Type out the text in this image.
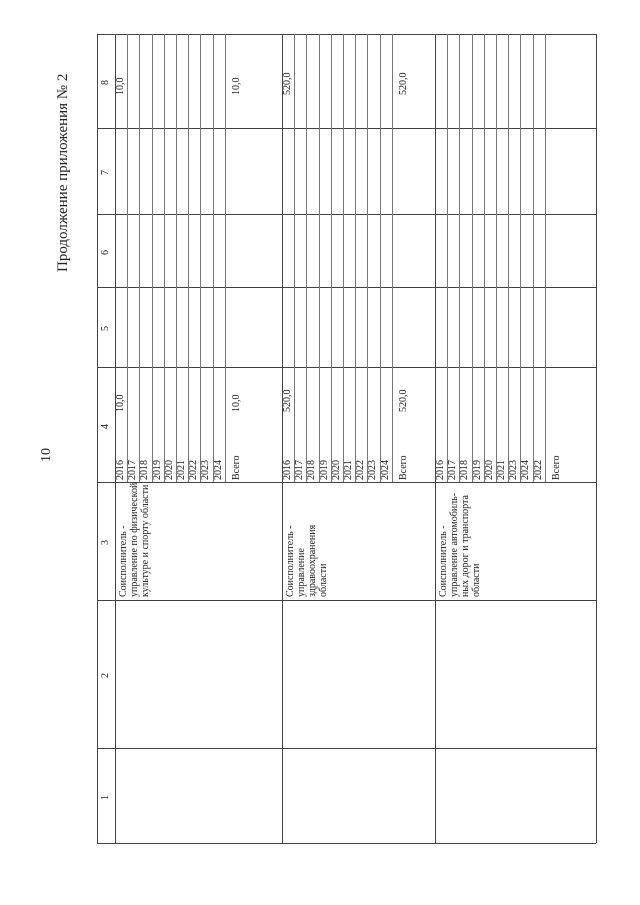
10
Продолжение приложения № 2
1
2
3
4
5
6
7
8
Соисполнитель - управление по физической культуре и спорту области
2016
10,0
10,0
2017 2018 2019 2020 2021 2022 2023 2024 Всего
10,0
10,0
Соисполнитель - управление здравоохранения области
2016
520,0
520,0
2017 2018 2019 2020 2021 2022 2023 2024 Всего
520,0
520,0
Соисполнитель - управление автомобиль- ных дорог и транспорта области
2016 2017 2018 2019 2020 2021 2023 2024 2022 Всего
